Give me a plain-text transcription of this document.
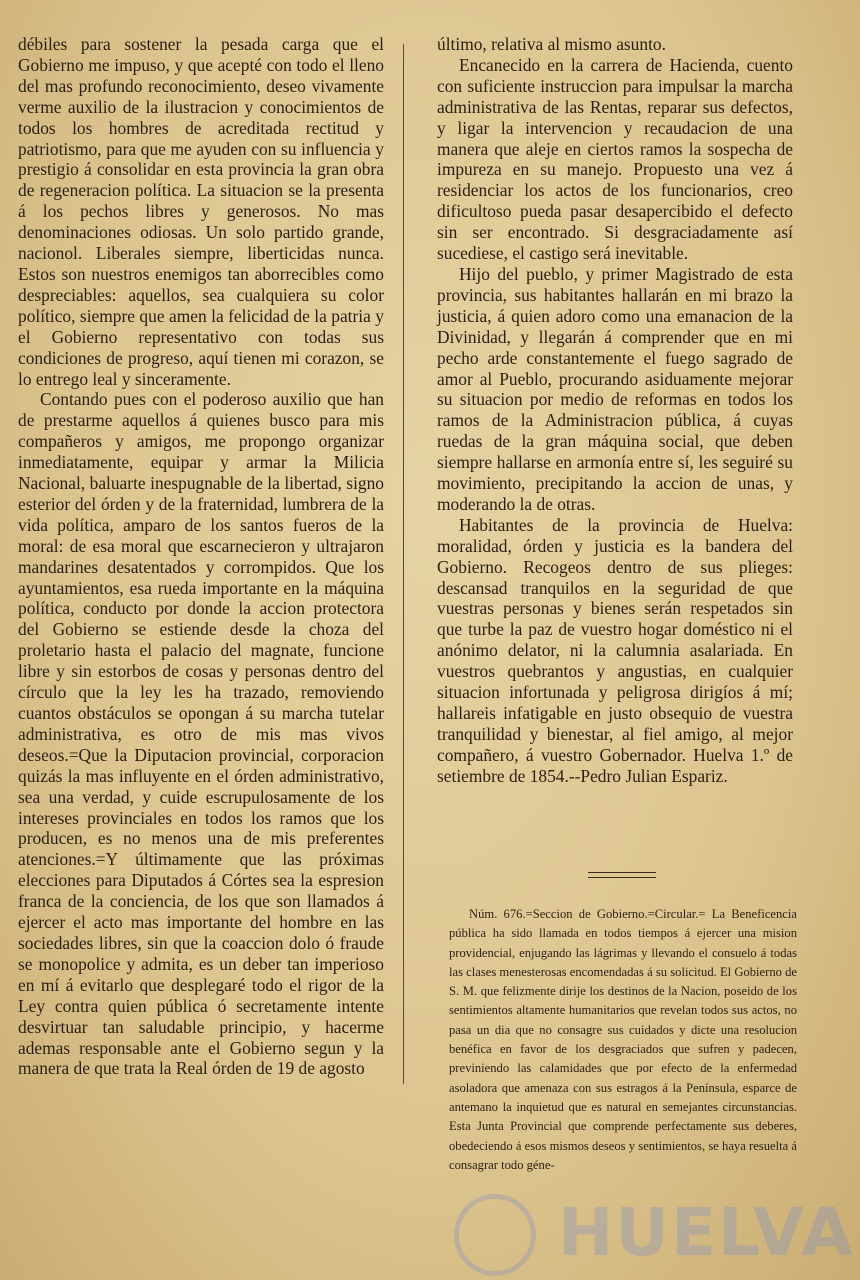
débiles para sostener la pesada carga que el Gobierno me impuso, y que acepté con todo el lleno del mas profundo reconocimiento, deseo vivamente verme auxilio de la ilustracion y conocimientos de todos los hombres de acreditada rectitud y patriotismo, para que me ayuden con su influencia y prestigio á consolidar en esta provincia la gran obra de regeneracion política. La situacion se la presenta á los pechos libres y generosos. No mas denominaciones odiosas. Un solo partido grande, nacionol. Liberales siempre, liberticidas nunca. Estos son nuestros enemigos tan aborrecibles como despreciables: aquellos, sea cualquiera su color político, siempre que amen la felicidad de la patria y el Gobierno representativo con todas sus condiciones de progreso, aquí tienen mi corazon, se lo entrego leal y sinceramente.

Contando pues con el poderoso auxilio que han de prestarme aquellos á quienes busco para mis compañeros y amigos, me propongo organizar inmediatamente, equipar y armar la Milicia Nacional, baluarte inespugnable de la libertad, signo esterior del órden y de la fraternidad, lumbrera de la vida política, amparo de los santos fueros de la moral: de esa moral que escarnecieron y ultrajaron mandarines desatentados y corrompidos. Que los ayuntamientos, esa rueda importante en la máquina política, conducto por donde la accion protectora del Gobierno se estiende desde la choza del proletario hasta el palacio del magnate, funcione libre y sin estorbos de cosas y personas dentro del círculo que la ley les ha trazado, removiendo cuantos obstáculos se opongan á su marcha tutelar administrativa, es otro de mis mas vivos deseos.=Que la Diputacion provincial, corporacion quizás la mas influyente en el órden administrativo, sea una verdad, y cuide escrupulosamente de los intereses provinciales en todos los ramos que los producen, es no menos una de mis preferentes atenciones.=Y últimamente que las próximas elecciones para Diputados á Córtes sea la espresion franca de la conciencia, de los que son llamados á ejercer el acto mas importante del hombre en las sociedades libres, sin que la coaccion dolo ó fraude se monopolice y admita, es un deber tan imperioso en mí á evitarlo que desplegaré todo el rigor de la Ley contra quien pública ó secretamente intente desvirtuar tan saludable principio, y hacerme ademas responsable ante el Gobierno segun y la manera de que trata la Real órden de 19 de agosto

último, relativa al mismo asunto.

Encanecido en la carrera de Hacienda, cuento con suficiente instruccion para impulsar la marcha administrativa de las Rentas, reparar sus defectos, y ligar la intervencion y recaudacion de una manera que aleje en ciertos ramos la sospecha de impureza en su manejo. Propuesto una vez á residenciar los actos de los funcionarios, creo dificultoso pueda pasar desapercibido el defecto sin ser encontrado. Si desgraciadamente así sucediese, el castigo será inevitable.

Hijo del pueblo, y primer Magistrado de esta provincia, sus habitantes hallarán en mi brazo la justicia, á quien adoro como una emanacion de la Divinidad, y llegarán á comprender que en mi pecho arde constantemente el fuego sagrado de amor al Pueblo, procurando asiduamente mejorar su situacion por medio de reformas en todos los ramos de la Administracion pública, á cuyas ruedas de la gran máquina social, que deben siempre hallarse en armonía entre sí, les seguiré su movimiento, precipitando la accion de unas, y moderando la de otras.

Habitantes de la provincia de Huelva: moralidad, órden y justicia es la bandera del Gobierno. Recogeos dentro de sus plieges: descansad tranquilos en la seguridad de que vuestras personas y bienes serán respetados sin que turbe la paz de vuestro hogar doméstico ni el anónimo delator, ni la calumnia asalariada. En vuestros quebrantos y angustias, en cualquier situacion infortunada y peligrosa dirigíos á mí; hallareis infatigable en justo obsequio de vuestra tranquilidad y bienestar, al fiel amigo, al mejor compañero, á vuestro Gobernador. Huelva 1.º de setiembre de 1854.--Pedro Julian Espariz.

Núm. 676.=Seccion de Gobierno.=Circular.= La Beneficencia pública ha sido llamada en todos tiempos á ejercer una mision providencial, enjugando las lágrimas y llevando el consuelo á todas las clases menesterosas encomendadas á su solicitud. El Gobierno de S. M. que felizmente dirije los destinos de la Nacion, poseido de los sentimientos altamente humanitarios que revelan todos sus actos, no pasa un dia que no consagre sus cuidados y dicte una resolucion benéfica en favor de los desgraciados que sufren y padecen, previniendo las calamidades que por efecto de la enfermedad asoladora que amenaza con sus estragos á la Península, esparce de antemano la inquietud que es natural en semejantes circunstancias. Esta Junta Provincial que comprende perfectamente sus deberes, obedeciendo á esos mismos deseos y sentimientos, se haya resuelta á consagrar todo géne-

HUELVA
